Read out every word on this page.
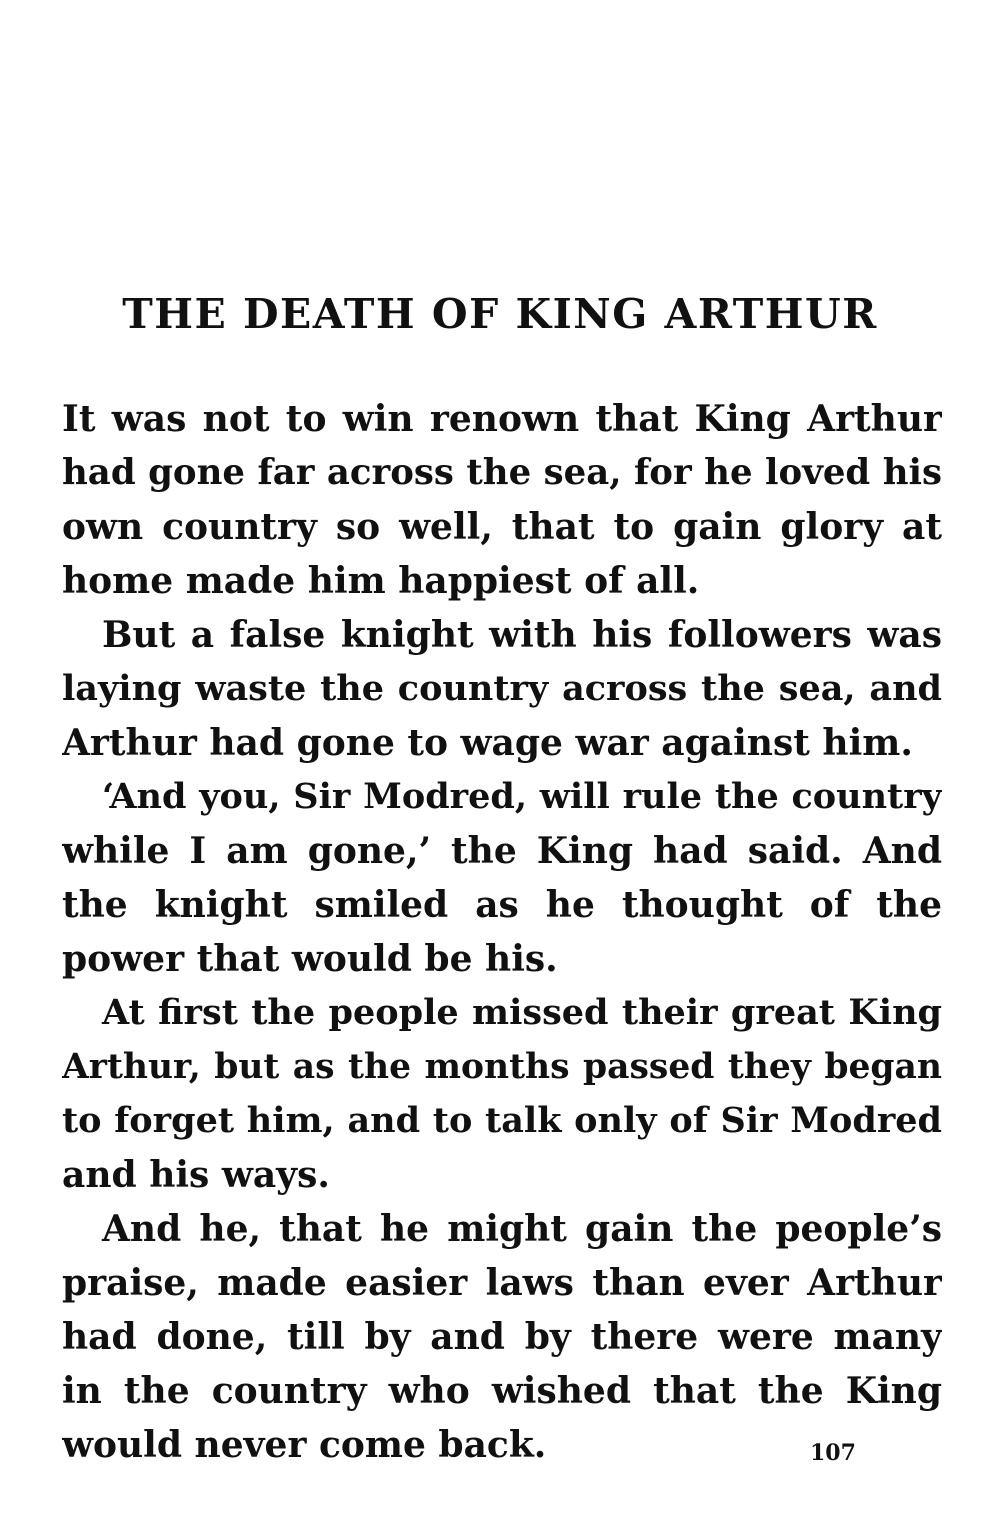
THE DEATH OF KING ARTHUR
It was not to win renown that King Arthur
had gone far across the sea, for he loved his
own country so well, that to gain glory at
home made him happiest of all.
But a false knight with his followers was
laying waste the country across the sea, and
Arthur had gone to wage war against him.
‘And you, Sir Modred, will rule the country
while I am gone,’ the King had said. And
the knight smiled as he thought of the
power that would be his.
At first the people missed their great King
Arthur, but as the months passed they began
to forget him, and to talk only of Sir Modred
and his ways.
And he, that he might gain the people’s
praise, made easier laws than ever Arthur
had done, till by and by there were many
in the country who wished that the King
would never come back.	107
